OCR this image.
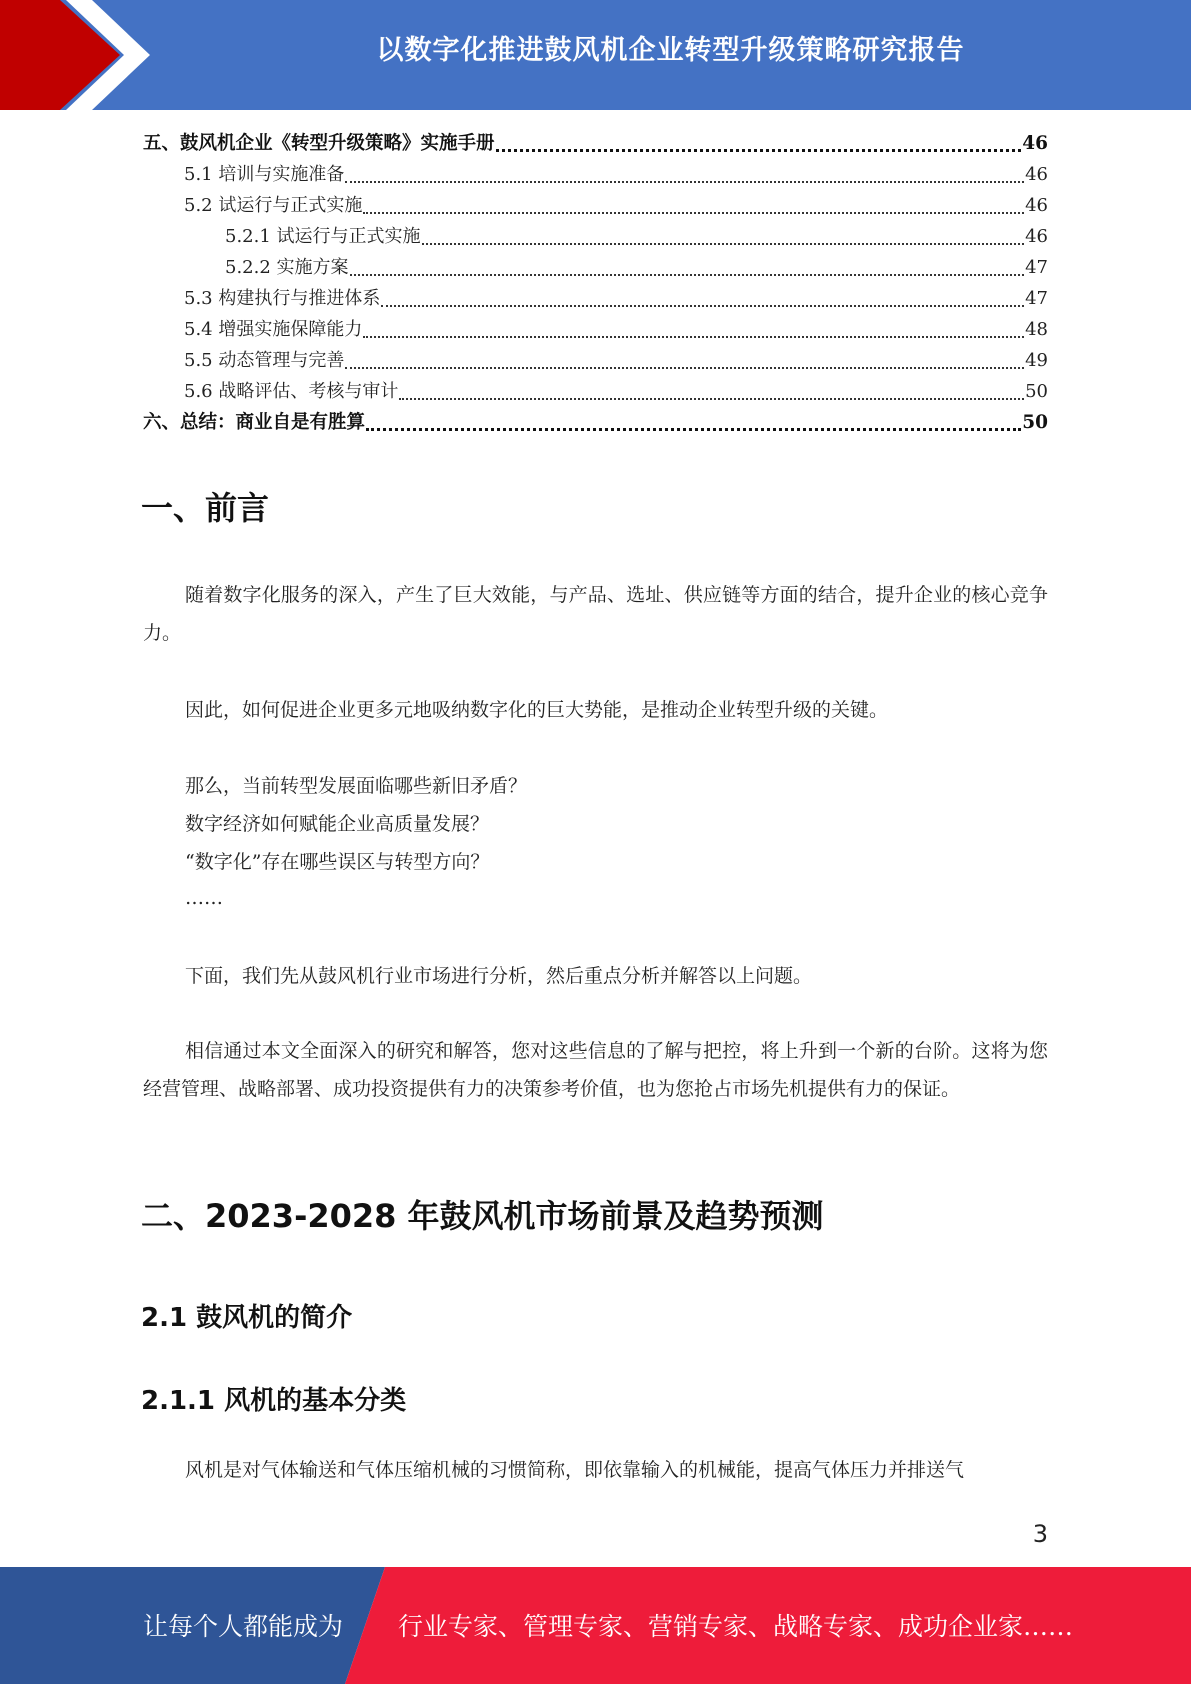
以数字化推进鼓风机企业转型升级策略研究报告
五、鼓风机企业《转型升级策略》实施手册	46
5.1 培训与实施准备	46
5.2 试运行与正式实施	46
5.2.1 试运行与正式实施	46
5.2.2 实施方案	47
5.3 构建执行与推进体系	47
5.4 增强实施保障能力	48
5.5 动态管理与完善	49
5.6 战略评估、考核与审计	50
六、总结：商业自是有胜算	50
一、前言
随着数字化服务的深入，产生了巨大效能，与产品、选址、供应链等方面的结合，提升企业的核心竞争力。
因此，如何促进企业更多元地吸纳数字化的巨大势能，是推动企业转型升级的关键。
那么，当前转型发展面临哪些新旧矛盾？
数字经济如何赋能企业高质量发展？
“数字化”存在哪些误区与转型方向？
……
下面，我们先从鼓风机行业市场进行分析，然后重点分析并解答以上问题。
相信通过本文全面深入的研究和解答，您对这些信息的了解与把控，将上升到一个新的台阶。这将为您经营管理、战略部署、成功投资提供有力的决策参考价值，也为您抢占市场先机提供有力的保证。
二、2023-2028 年鼓风机市场前景及趋势预测
2.1 鼓风机的简介
2.1.1 风机的基本分类
风机是对气体输送和气体压缩机械的习惯简称，即依靠输入的机械能，提高气体压力并排送气
3
让每个人都能成为 行业专家、管理专家、营销专家、战略专家、成功企业家……
